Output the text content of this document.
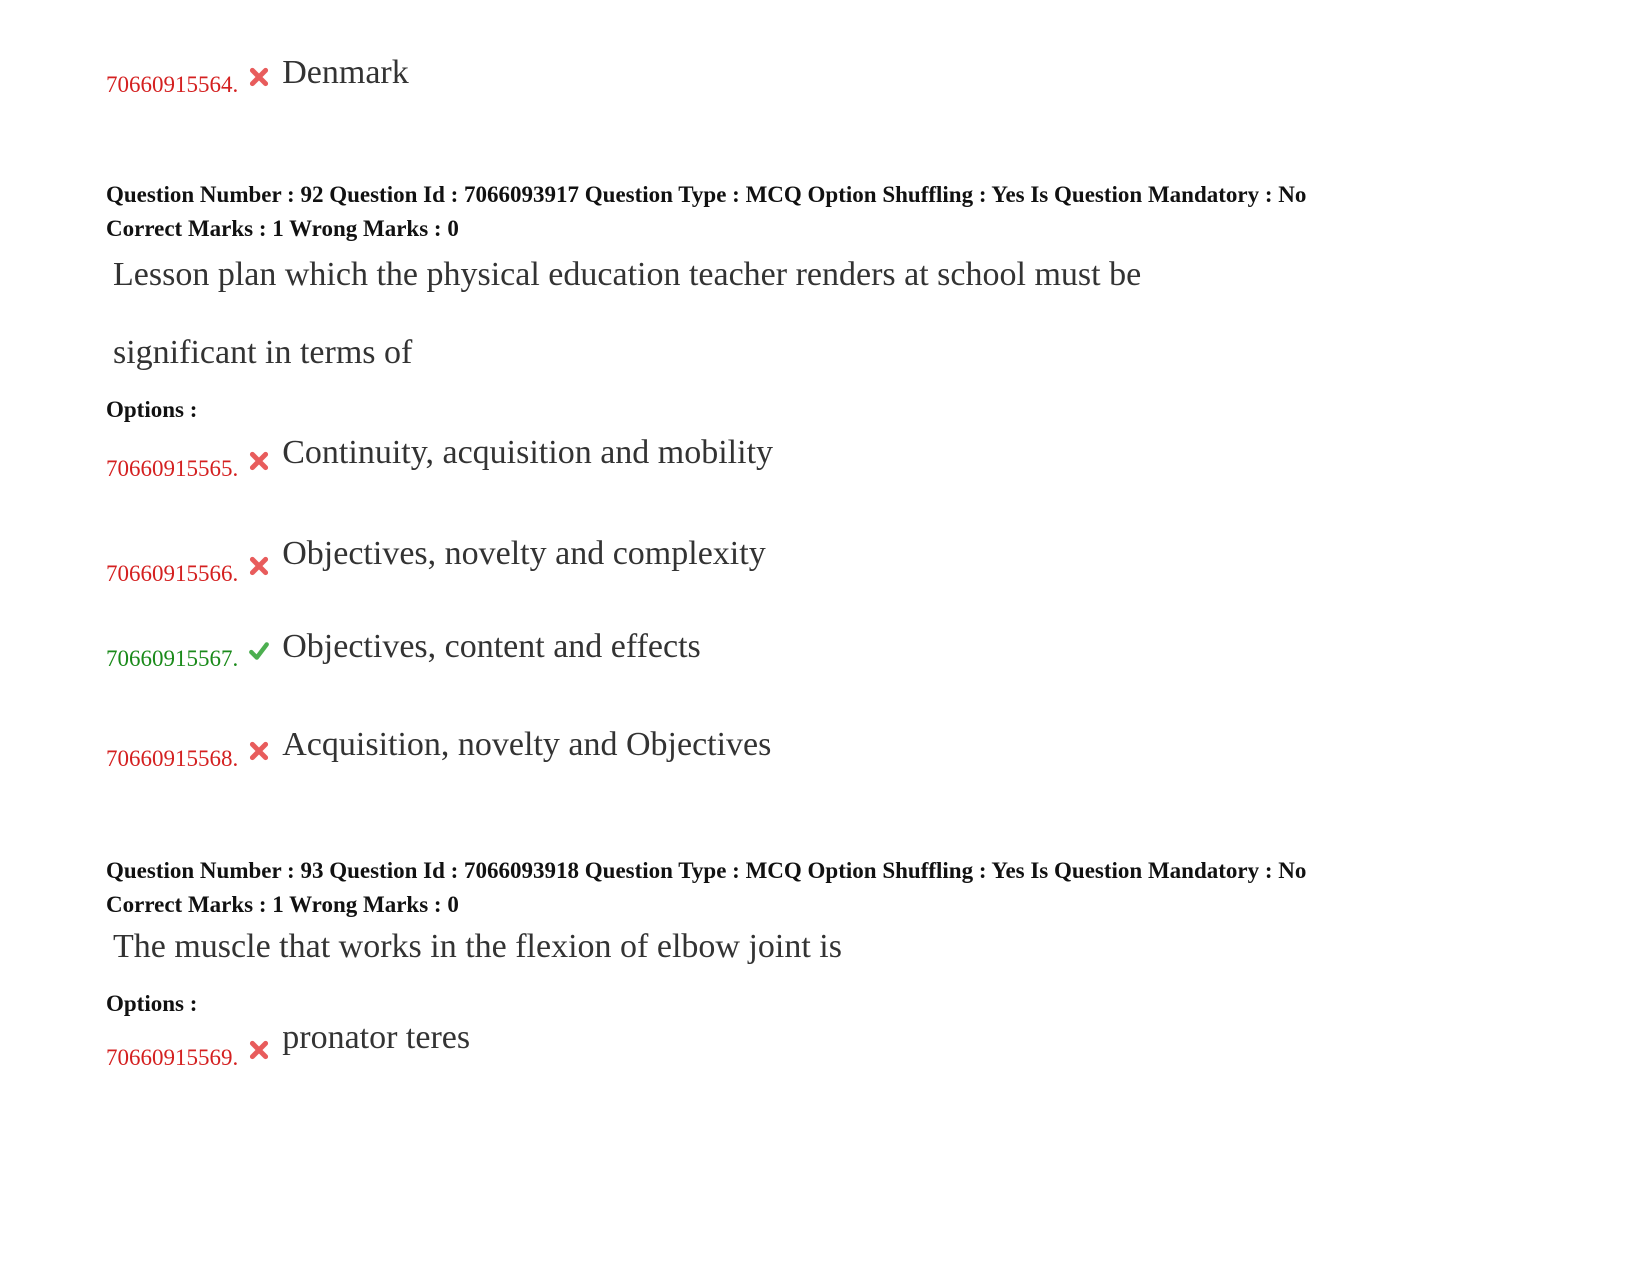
70660915564. Denmark
Question Number : 92 Question Id : 7066093917 Question Type : MCQ Option Shuffling : Yes Is Question Mandatory : No
Correct Marks : 1 Wrong Marks : 0
Lesson plan which the physical education teacher renders at school must be
significant in terms of
Options :
70660915565. Continuity, acquisition and mobility
70660915566.
Objectives, novelty and complexity
70660915567. Objectives, content and effects
70660915568. Acquisition, novelty and Objectives
Question Number : 93 Question Id : 7066093918 Question Type : MCQ Option Shuffling : Yes Is Question Mandatory : No
Correct Marks : 1 Wrong Marks : 0
The muscle that works in the flexion of elbow joint is
Options :
70660915569.
pronator teres
